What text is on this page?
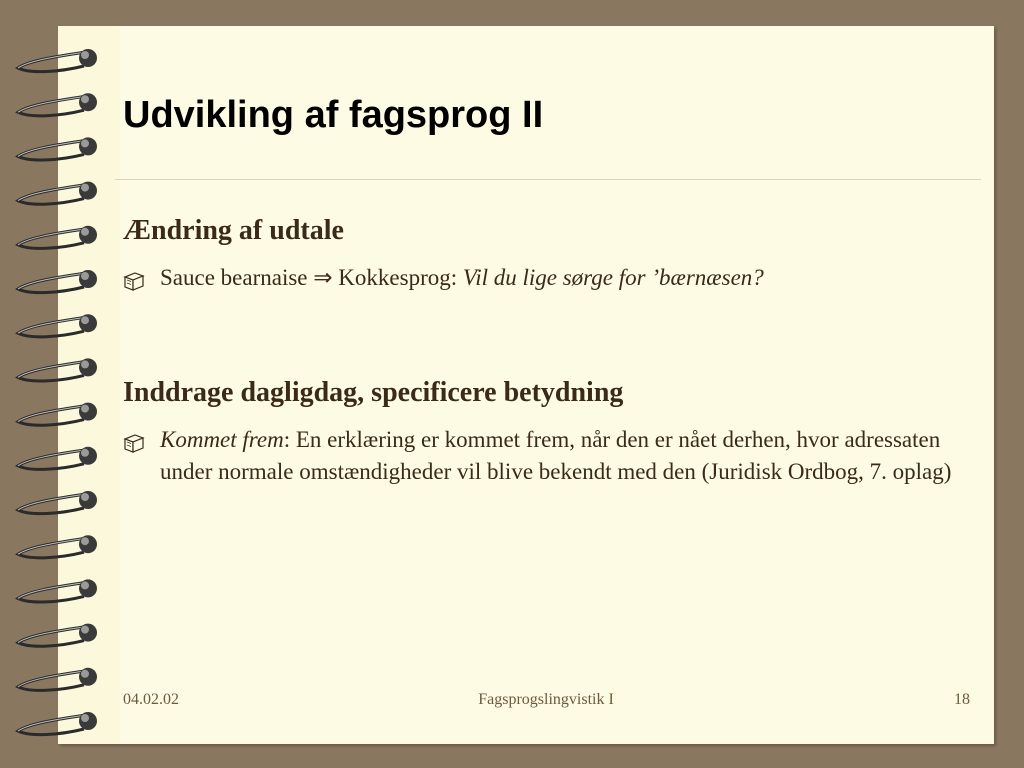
Udvikling af fagsprog II
Ændring af udtale
Sauce bearnaise ⇒ Kokkesprog: Vil du lige sørge for ’bærnæsen?
Inddrage dagligdag, specificere betydning
Kommet frem: En erklæring er kommet frem, når den er nået derhen, hvor adressaten under normale omstændigheder vil blive bekendt med den (Juridisk Ordbog, 7. oplag)
04.02.02	Fagsprogslingvistik I	18
